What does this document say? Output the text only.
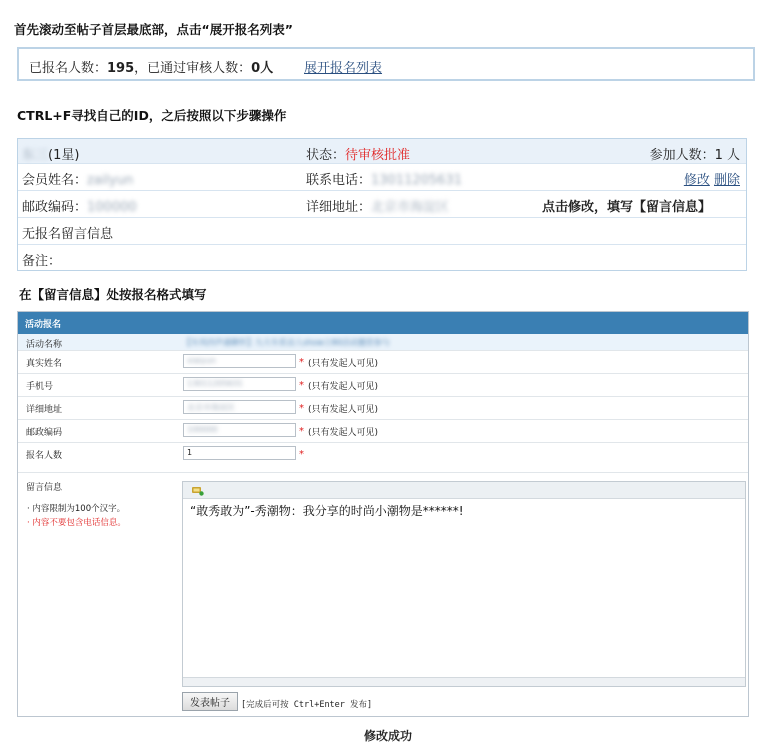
首先滚动至帖子首层最底部，点击“展开报名列表”
已报名人数：195，已通过审核人数：0人 展开报名列表
CTRL+F寻找自己的ID，之后按照以下步骤操作
东三(1星)	状态：待审核批准	参加人数：1 人
会员姓名：zailyun	联系电话：13011205631	修改 删除
邮政编码：100000	详细地址：北京市海淀区	点击修改，填写【留言信息】
无报名留言信息
备注：
在【留言信息】处按报名格式填写
活动报名
活动名称	【车风四声通聊怀】九大车系达人show立80活动邀您参与
真实姓名	xiaiyun	* (只有发起人可见)
手机号	13011205631	* (只有发起人可见)
详细地址	北京市海淀区	* (只有发起人可见)
邮政编码	100000	* (只有发起人可见)
报名人数	1	*
留言信息
· 内容限制为100个汉字。
· 内容不要包含电话信息。
“敢秀敢为”-秀潮物：我分享的时尚小潮物是******!
发表帖子	[完成后可按 Ctrl+Enter 发布]
修改成功
